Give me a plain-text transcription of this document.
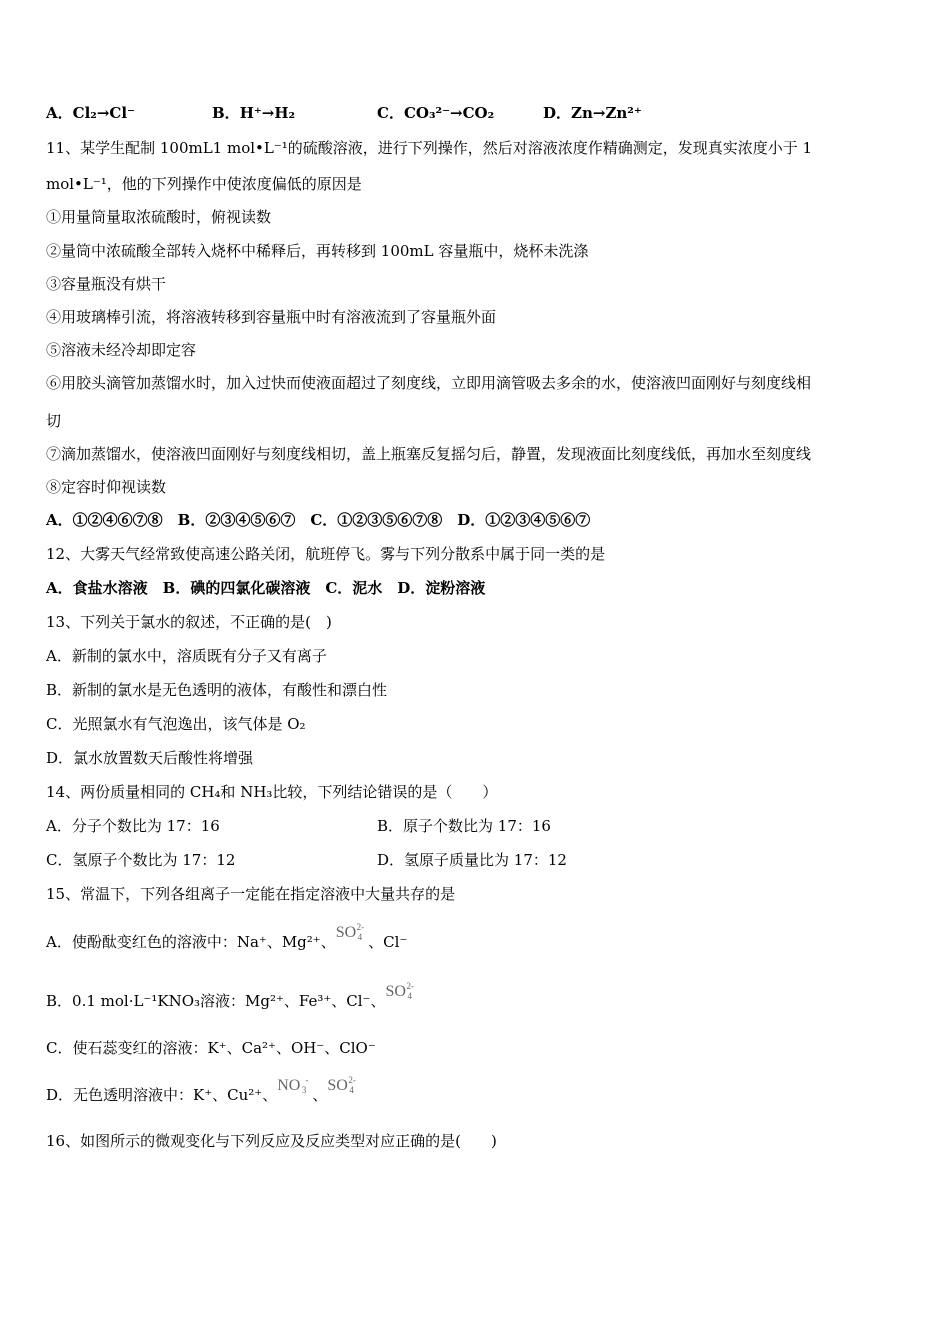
A．Cl₂→Cl⁻	B．H⁺→H₂	C．CO₃²⁻→CO₂	D．Zn→Zn²⁺
11、某学生配制 100mL1 mol•L⁻¹的硫酸溶液，进行下列操作，然后对溶液浓度作精确测定，发现真实浓度小于 1
mol•L⁻¹，他的下列操作中使浓度偏低的原因是
①用量筒量取浓硫酸时，俯视读数
②量筒中浓硫酸全部转入烧杯中稀释后，再转移到 100mL 容量瓶中，烧杯未洗涤
③容量瓶没有烘干
④用玻璃棒引流，将溶液转移到容量瓶中时有溶液流到了容量瓶外面
⑤溶液未经冷却即定容
⑥用胶头滴管加蒸馏水时，加入过快而使液面超过了刻度线，立即用滴管吸去多余的水，使溶液凹面刚好与刻度线相
切
⑦滴加蒸馏水，使溶液凹面刚好与刻度线相切，盖上瓶塞反复摇匀后，静置，发现液面比刻度线低，再加水至刻度线
⑧定容时仰视读数
A．①②④⑥⑦⑧　B．②③④⑤⑥⑦　C．①②③⑤⑥⑦⑧　D．①②③④⑤⑥⑦
12、大雾天气经常致使高速公路关闭，航班停飞。雾与下列分散系中属于同一类的是
A．食盐水溶液　B．碘的四氯化碳溶液　C．泥水　D．淀粉溶液
13、下列关于氯水的叙述，不正确的是(　)
A．新制的氯水中，溶质既有分子又有离子
B．新制的氯水是无色透明的液体，有酸性和漂白性
C．光照氯水有气泡逸出，该气体是 O₂
D．氯水放置数天后酸性将增强
14、两份质量相同的 CH₄和 NH₃比较，下列结论错误的是（　　）
A．分子个数比为 17：16	B．原子个数比为 17：16
C．氢原子个数比为 17：12	D．氢原子质量比为 17：12
15、常温下，下列各组离子一定能在指定溶液中大量共存的是
A．使酚酞变红色的溶液中：Na⁺、Mg²⁺、SO 2-
4 、Cl⁻
B．0.1 mol·L⁻¹KNO₃溶液：Mg²⁺、Fe³⁺、Cl⁻、SO 2-
4
C．使石蕊变红的溶液：K⁺、Ca²⁺、OH⁻、ClO⁻
D．无色透明溶液中：K⁺、Cu²⁺、NO -
3 、SO 2-
4
16、如图所示的微观变化与下列反应及反应类型对应正确的是(　　)
